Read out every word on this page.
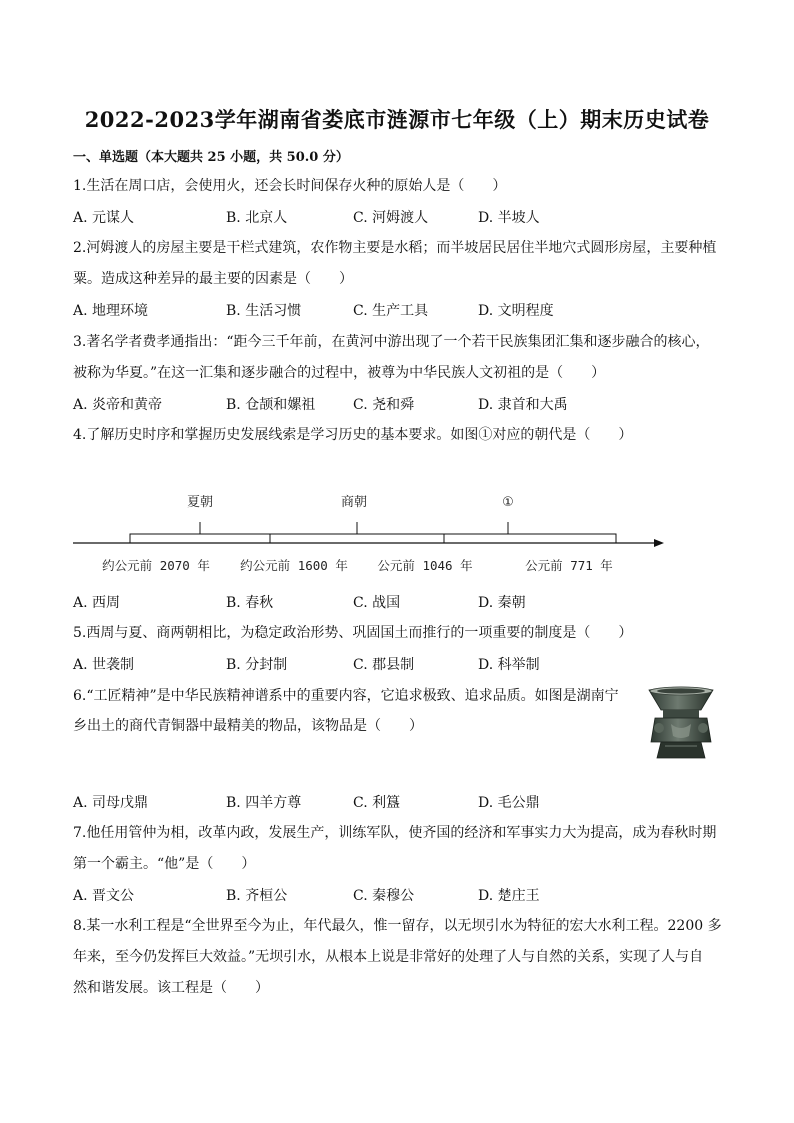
2022-2023学年湖南省娄底市涟源市七年级（上）期末历史试卷
一、单选题（本大题共 25 小题，共 50.0 分）
1.生活在周口店，会使用火，还会长时间保存火种的原始人是（　　）
A. 元谋人	B. 北京人	C. 河姆渡人	D. 半坡人
2.河姆渡人的房屋主要是干栏式建筑，农作物主要是水稻；而半坡居民居住半地穴式圆形房屋，主要种植
粟。造成这种差异的最主要的因素是（　　）
A. 地理环境	B. 生活习惯	C. 生产工具	D. 文明程度
3.著名学者费孝通指出：“距今三千年前，在黄河中游出现了一个若干民族集团汇集和逐步融合的核心，
被称为华夏。”在这一汇集和逐步融合的过程中，被尊为中华民族人文初祖的是（　　）
A. 炎帝和黄帝	B. 仓颉和嫘祖	C. 尧和舜	D. 隶首和大禹
4.了解历史时序和掌握历史发展线索是学习历史的基本要求。如图①对应的朝代是（　　）
夏朝	商朝	①
约公元前 2070 年 约公元前 1600 年 公元前 1046 年	公元前 771 年
A. 西周	B. 春秋	C. 战国	D. 秦朝
5.西周与夏、商两朝相比，为稳定政治形势、巩固国土而推行的一项重要的制度是（　　）
A. 世袭制	B. 分封制	C. 郡县制	D. 科举制
6.“工匠精神”是中华民族精神谱系中的重要内容，它追求极致、追求品质。如图是湖南宁
乡出土的商代青铜器中最精美的物品，该物品是（　　）
A. 司母戊鼎	B. 四羊方尊	C. 利簋	D. 毛公鼎
7.他任用管仲为相，改革内政，发展生产，训练军队，使齐国的经济和军事实力大为提高，成为春秋时期
第一个霸主。“他”是（　　）
A. 晋文公	B. 齐桓公	C. 秦穆公	D. 楚庄王
8.某一水利工程是“全世界至今为止，年代最久，惟一留存，以无坝引水为特征的宏大水利工程。2200 多
年来，至今仍发挥巨大效益。”无坝引水，从根本上说是非常好的处理了人与自然的关系，实现了人与自
然和谐发展。该工程是（　　）
